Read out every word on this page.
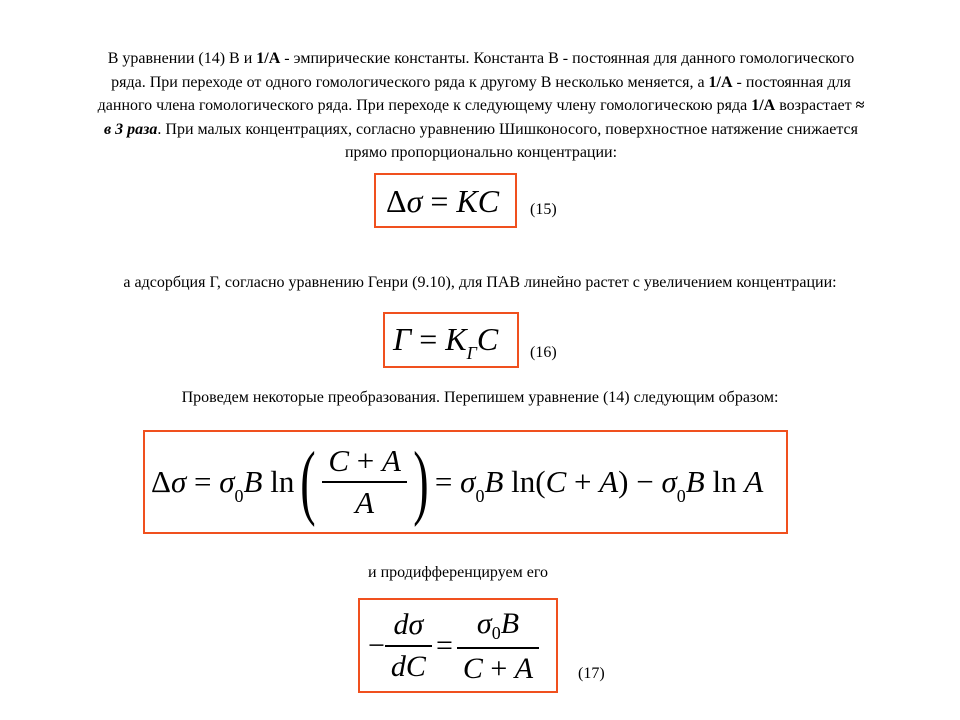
В уравнении (14) В и 1/А - эмпирические константы. Константа В - постоянная для данного гомологического
ряда. При переходе от одного гомологического ряда к другому В несколько меняется, а 1/А - постоянная для
данного члена гомологического ряда. При переходе к следующему члену гомологическою ряда 1/А возрастает ≈
в 3 раза. При малых концентрациях, согласно уравнению Шишконосого, поверхностное натяжение снижается
прямо пропорционально концентрации:
Δσ = KC (15)
а адсорбция Г, согласно уравнению Генри (9.10), для ПАВ линейно растет с увеличением концентрации:
$Г = K_ГC$ (16)
Проведем некоторые преобразования. Перепишем уравнение (14) следующим образом:
$\Delta\sigma = \sigma_0B$ ln ( $\frac{C + A}{A}$ ) = $\sigma_0B$ $\ln(C + A) - \sigma_0B$ ln A
и продифференцируем его
− $\frac{d\sigma}{dC} = \frac{\sigma_0B}{C + A} (17)$
